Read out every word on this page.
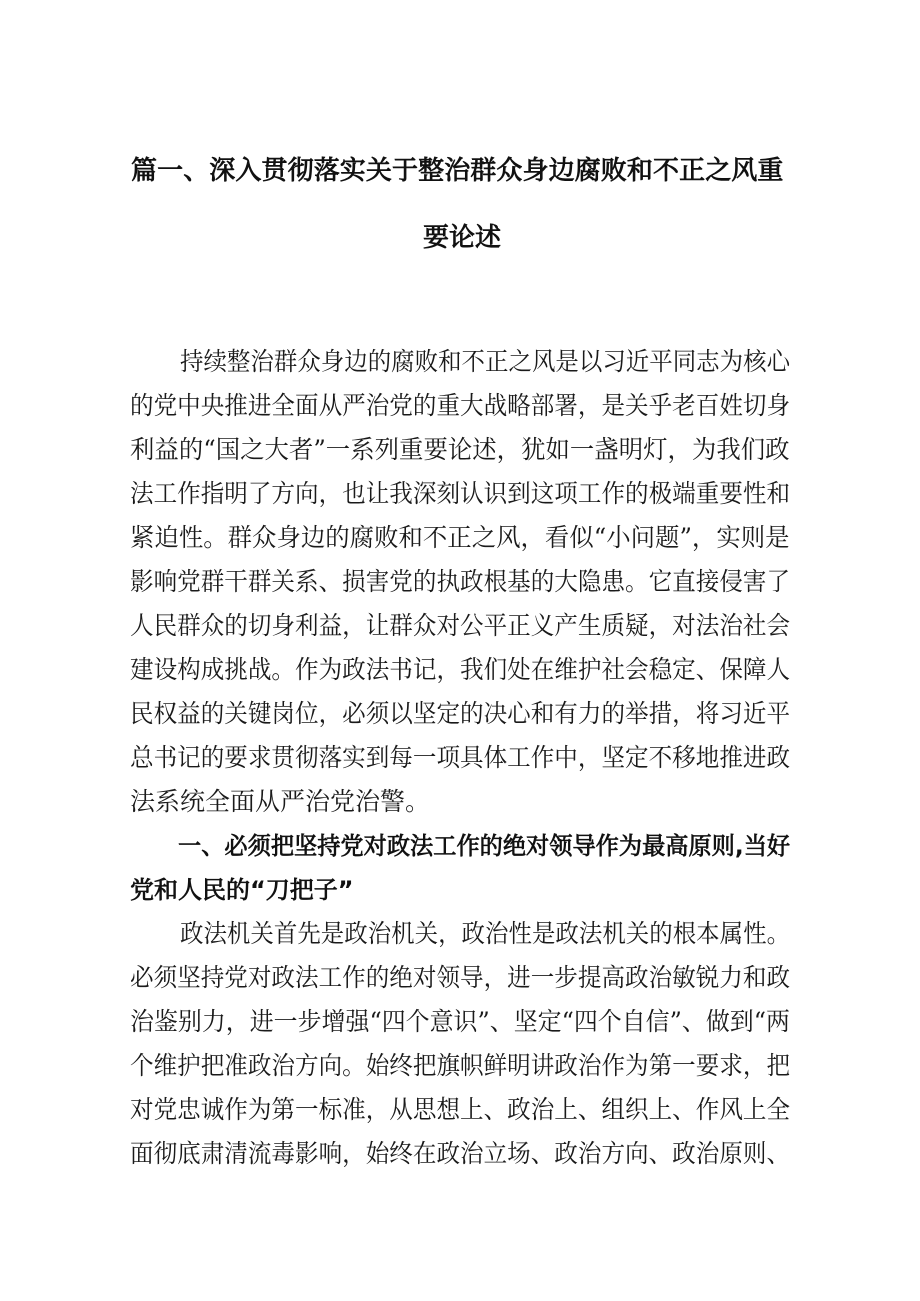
篇一、深入贯彻落实关于整治群众身边腐败和不正之风重
要论述
持续整治群众身边的腐败和不正之风是以习近平同志为核心
的党中央推进全面从严治党的重大战略部署，是关乎老百姓切身
利益的“国之大者”一系列重要论述，犹如一盏明灯，为我们政
法工作指明了方向，也让我深刻认识到这项工作的极端重要性和
紧迫性。群众身边的腐败和不正之风，看似“小问题”，实则是
影响党群干群关系、损害党的执政根基的大隐患。它直接侵害了
人民群众的切身利益，让群众对公平正义产生质疑，对法治社会
建设构成挑战。作为政法书记，我们处在维护社会稳定、保障人
民权益的关键岗位，必须以坚定的决心和有力的举措，将习近平
总书记的要求贯彻落实到每一项具体工作中，坚定不移地推进政
法系统全面从严治党治警。
一、必须把坚持党对政法工作的绝对领导作为最高原则,当好
党和人民的“刀把子”
政法机关首先是政治机关，政治性是政法机关的根本属性。
必须坚持党对政法工作的绝对领导，进一步提高政治敏锐力和政
治鉴别力，进一步增强“四个意识”、坚定“四个自信”、做到“两
个维护把准政治方向。始终把旗帜鲜明讲政治作为第一要求，把
对党忠诚作为第一标准，从思想上、政治上、组织上、作风上全
面彻底肃清流毒影响，始终在政治立场、政治方向、政治原则、
